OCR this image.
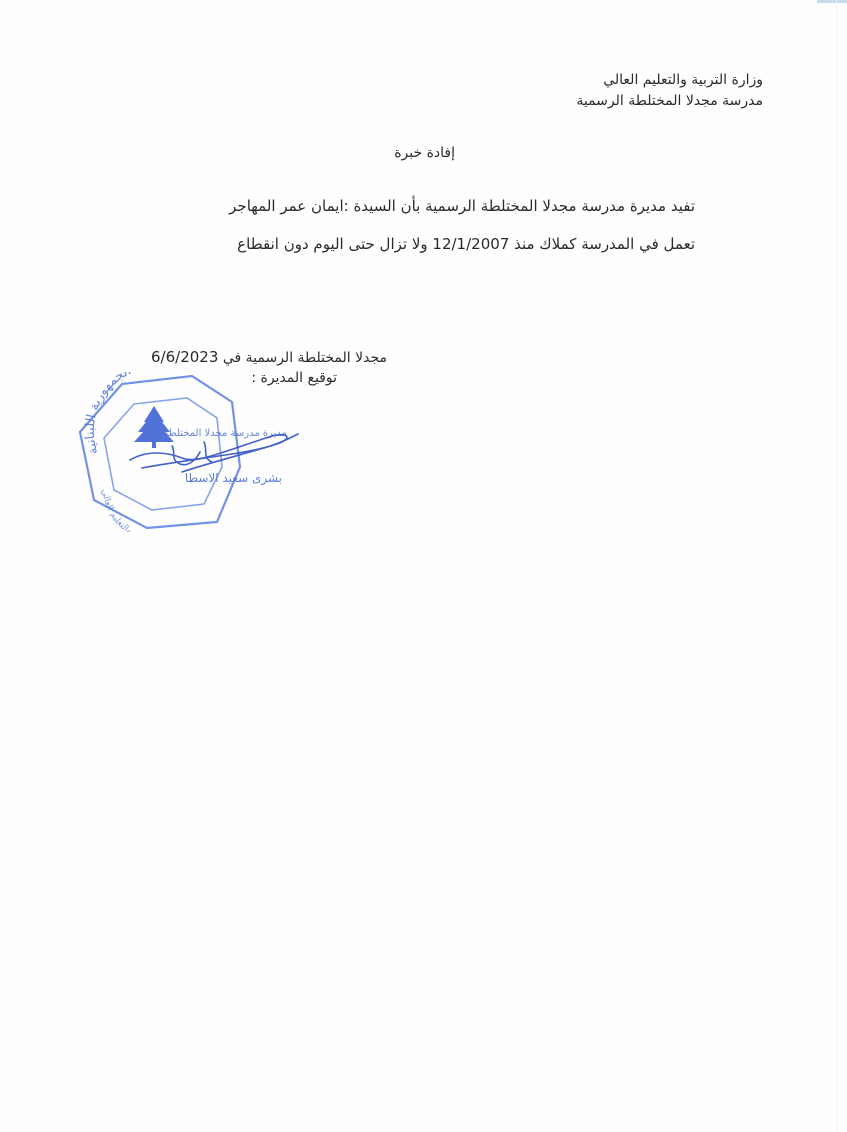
وزارة التربية والتعليم العالي
مدرسة مجدلا المختلطة الرسمية
إفادة خبرة
تفيد مديرة مدرسة مجدلا المختلطة الرسمية بأن السيدة :ايمان عمر المهاجر
تعمل في المدرسة كملاك منذ 12/1/2007 ولا تزال حتى اليوم دون انقطاع
مجدلا المختلطة الرسمية في 6/6/2023
توقيع المديرة :
لجمهورية اللبنانية
والتعليم العالي
مديرة مدرسة مجدلا المختلطة
بشرى سعيد الاسطا
